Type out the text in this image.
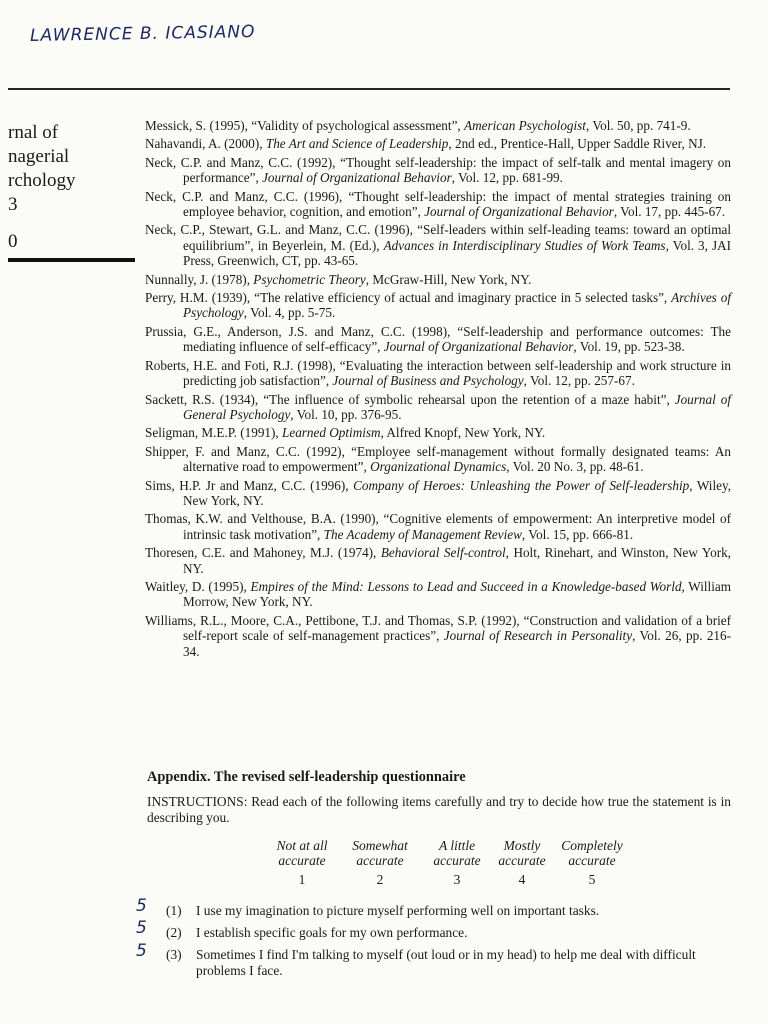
LAWRENCE B. ICASIANO
rnal of
nagerial
rchology
3
0
Messick, S. (1995), “Validity of psychological assessment”, American Psychologist, Vol. 50, pp. 741-9.
Nahavandi, A. (2000), The Art and Science of Leadership, 2nd ed., Prentice-Hall, Upper Saddle River, NJ.
Neck, C.P. and Manz, C.C. (1992), “Thought self-leadership: the impact of self-talk and mental imagery on performance”, Journal of Organizational Behavior, Vol. 12, pp. 681-99.
Neck, C.P. and Manz, C.C. (1996), “Thought self-leadership: the impact of mental strategies training on employee behavior, cognition, and emotion”, Journal of Organizational Behavior, Vol. 17, pp. 445-67.
Neck, C.P., Stewart, G.L. and Manz, C.C. (1996), “Self-leaders within self-leading teams: toward an optimal equilibrium”, in Beyerlein, M. (Ed.), Advances in Interdisciplinary Studies of Work Teams, Vol. 3, JAI Press, Greenwich, CT, pp. 43-65.
Nunnally, J. (1978), Psychometric Theory, McGraw-Hill, New York, NY.
Perry, H.M. (1939), “The relative efficiency of actual and imaginary practice in 5 selected tasks”, Archives of Psychology, Vol. 4, pp. 5-75.
Prussia, G.E., Anderson, J.S. and Manz, C.C. (1998), “Self-leadership and performance outcomes: The mediating influence of self-efficacy”, Journal of Organizational Behavior, Vol. 19, pp. 523-38.
Roberts, H.E. and Foti, R.J. (1998), “Evaluating the interaction between self-leadership and work structure in predicting job satisfaction”, Journal of Business and Psychology, Vol. 12, pp. 257-67.
Sackett, R.S. (1934), “The influence of symbolic rehearsal upon the retention of a maze habit”, Journal of General Psychology, Vol. 10, pp. 376-95.
Seligman, M.E.P. (1991), Learned Optimism, Alfred Knopf, New York, NY.
Shipper, F. and Manz, C.C. (1992), “Employee self-management without formally designated teams: An alternative road to empowerment”, Organizational Dynamics, Vol. 20 No. 3, pp. 48-61.
Sims, H.P. Jr and Manz, C.C. (1996), Company of Heroes: Unleashing the Power of Self-leadership, Wiley, New York, NY.
Thomas, K.W. and Velthouse, B.A. (1990), “Cognitive elements of empowerment: An interpretive model of intrinsic task motivation”, The Academy of Management Review, Vol. 15, pp. 666-81.
Thoresen, C.E. and Mahoney, M.J. (1974), Behavioral Self-control, Holt, Rinehart, and Winston, New York, NY.
Waitley, D. (1995), Empires of the Mind: Lessons to Lead and Succeed in a Knowledge-based World, William Morrow, New York, NY.
Williams, R.L., Moore, C.A., Pettibone, T.J. and Thomas, S.P. (1992), “Construction and validation of a brief self-report scale of self-management practices”, Journal of Research in Personality, Vol. 26, pp. 216-34.
Appendix. The revised self-leadership questionnaire
INSTRUCTIONS: Read each of the following items carefully and try to decide how true the statement is in describing you.
Not at all
accurate
1
Somewhat
accurate
2
A little
accurate
3
Mostly
accurate
4
Completely
accurate
5
5 (1) I use my imagination to picture myself performing well on important tasks.
5 (2) I establish specific goals for my own performance.
5 (3) Sometimes I find I'm talking to myself (out loud or in my head) to help me deal with difficult problems I face.
